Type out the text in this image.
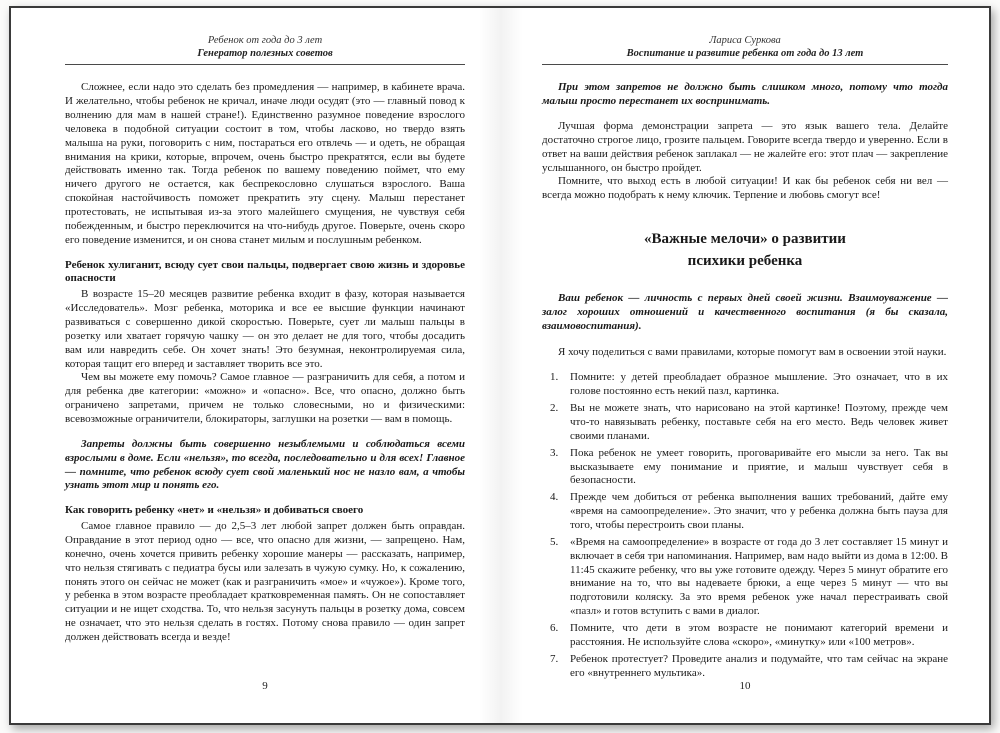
Ребенок от года до 3 лет
Генератор полезных советов

Сложнее, если надо это сделать без промедления — например, в кабинете врача. И желательно, чтобы ребенок не кричал, иначе люди осудят (это — главный повод к волнению для мам в нашей стране!). Единственно разумное поведение взрослого человека в подобной ситуации состоит в том, чтобы ласково, но твердо взять малыша на руки, поговорить с ним, постараться его отвлечь — и одеть, не обращая внимания на крики, которые, впрочем, очень быстро прекратятся, если вы будете действовать именно так. Тогда ребенок по вашему поведению поймет, что ему ничего другого не остается, как беспрекословно слушаться взрослого. Ваша спокойная настойчивость поможет прекратить эту сцену. Малыш перестанет протестовать, не испытывая из-за этого малейшего смущения, не чувствуя себя побежденным, и быстро переключится на что-нибудь другое. Поверьте, очень скоро его поведение изменится, и он снова станет милым и послушным ребенком.

Ребенок хулиганит, всюду сует свои пальцы, подвергает свою жизнь и здоровье опасности

В возрасте 15–20 месяцев развитие ребенка входит в фазу, которая называется «Исследователь». Мозг ребенка, моторика и все ее высшие функции начинают развиваться с совершенно дикой скоростью. Поверьте, сует ли малыш пальцы в розетку или хватает горячую чашку — он это делает не для того, чтобы досадить вам или навредить себе. Он хочет знать! Это безумная, неконтролируемая сила, которая тащит его вперед и заставляет творить все это.

Чем вы можете ему помочь? Самое главное — разграничить для себя, а потом и для ребенка две категории: «можно» и «опасно». Все, что опасно, должно быть ограничено запретами, причем не только словесными, но и физическими: всевозможные ограничители, блокираторы, заглушки на розетки — вам в помощь.

Запреты должны быть совершенно незыблемыми и соблюдаться всеми взрослыми в доме. Если «нельзя», то всегда, последовательно и для всех! Главное — помните, что ребенок всюду сует свой маленький нос не назло вам, а чтобы узнать этот мир и понять его.

Как говорить ребенку «нет» и «нельзя» и добиваться своего

Самое главное правило — до 2,5–3 лет любой запрет должен быть оправдан. Оправдание в этот период одно — все, что опасно для жизни, — запрещено. Нам, конечно, очень хочется привить ребенку хорошие манеры — рассказать, например, что нельзя стягивать с педиатра бусы или залезать в чужую сумку. Но, к сожалению, понять этого он сейчас не может (как и разграничить «мое» и «чужое»). Кроме того, у ребенка в этом возрасте преобладает кратковременная память. Он не сопоставляет ситуации и не ищет сходства. То, что нельзя засунуть пальцы в розетку дома, совсем не означает, что это нельзя сделать в гостях. Потому снова правило — один запрет должен действовать всегда и везде!

9
Лариса Суркова
Воспитание и развитие ребенка от года до 13 лет

При этом запретов не должно быть слишком много, потому что тогда малыш просто перестанет их воспринимать.

Лучшая форма демонстрации запрета — это язык вашего тела. Делайте достаточно строгое лицо, грозите пальцем. Говорите всегда твердо и уверенно. Если в ответ на ваши действия ребенок заплакал — не жалейте его: этот плач — закрепление услышанного, он быстро пройдет.

Помните, что выход есть в любой ситуации! И как бы ребенок себя ни вел — всегда можно подобрать к нему ключик. Терпение и любовь смогут все!

«Важные мелочи» о развитии
психики ребенка

Ваш ребенок — личность с первых дней своей жизни. Взаимоуважение — залог хороших отношений и качественного воспитания (я бы сказала, взаимовоспитания).

Я хочу поделиться с вами правилами, которые помогут вам в освоении этой науки.

Помните: у детей преобладает образное мышление. Это означает, что в их голове постоянно есть некий пазл, картинка.
Вы не можете знать, что нарисовано на этой картинке! Поэтому, прежде чем что-то навязывать ребенку, поставьте себя на его место. Ведь человек живет своими планами.
Пока ребенок не умеет говорить, проговаривайте его мысли за него. Так вы высказываете ему понимание и приятие, и малыш чувствует себя в безопасности.
Прежде чем добиться от ребенка выполнения ваших требований, дайте ему «время на самоопределение». Это значит, что у ребенка должна быть пауза для того, чтобы перестроить свои планы.
«Время на самоопределение» в возрасте от года до 3 лет составляет 15 минут и включает в себя три напоминания. Например, вам надо выйти из дома в 12:00. В 11:45 скажите ребенку, что вы уже готовите одежду. Через 5 минут обратите его внимание на то, что вы надеваете брюки, а еще через 5 минут — что вы подготовили коляску. За это время ребенок уже начал перестраивать свой «пазл» и готов вступить с вами в диалог.
Помните, что дети в этом возрасте не понимают категорий времени и расстояния. Не используйте слова «скоро», «минутку» или «100 метров».
Ребенок протестует? Проведите анализ и подумайте, что там сейчас на экране его «внутреннего мультика».
10
